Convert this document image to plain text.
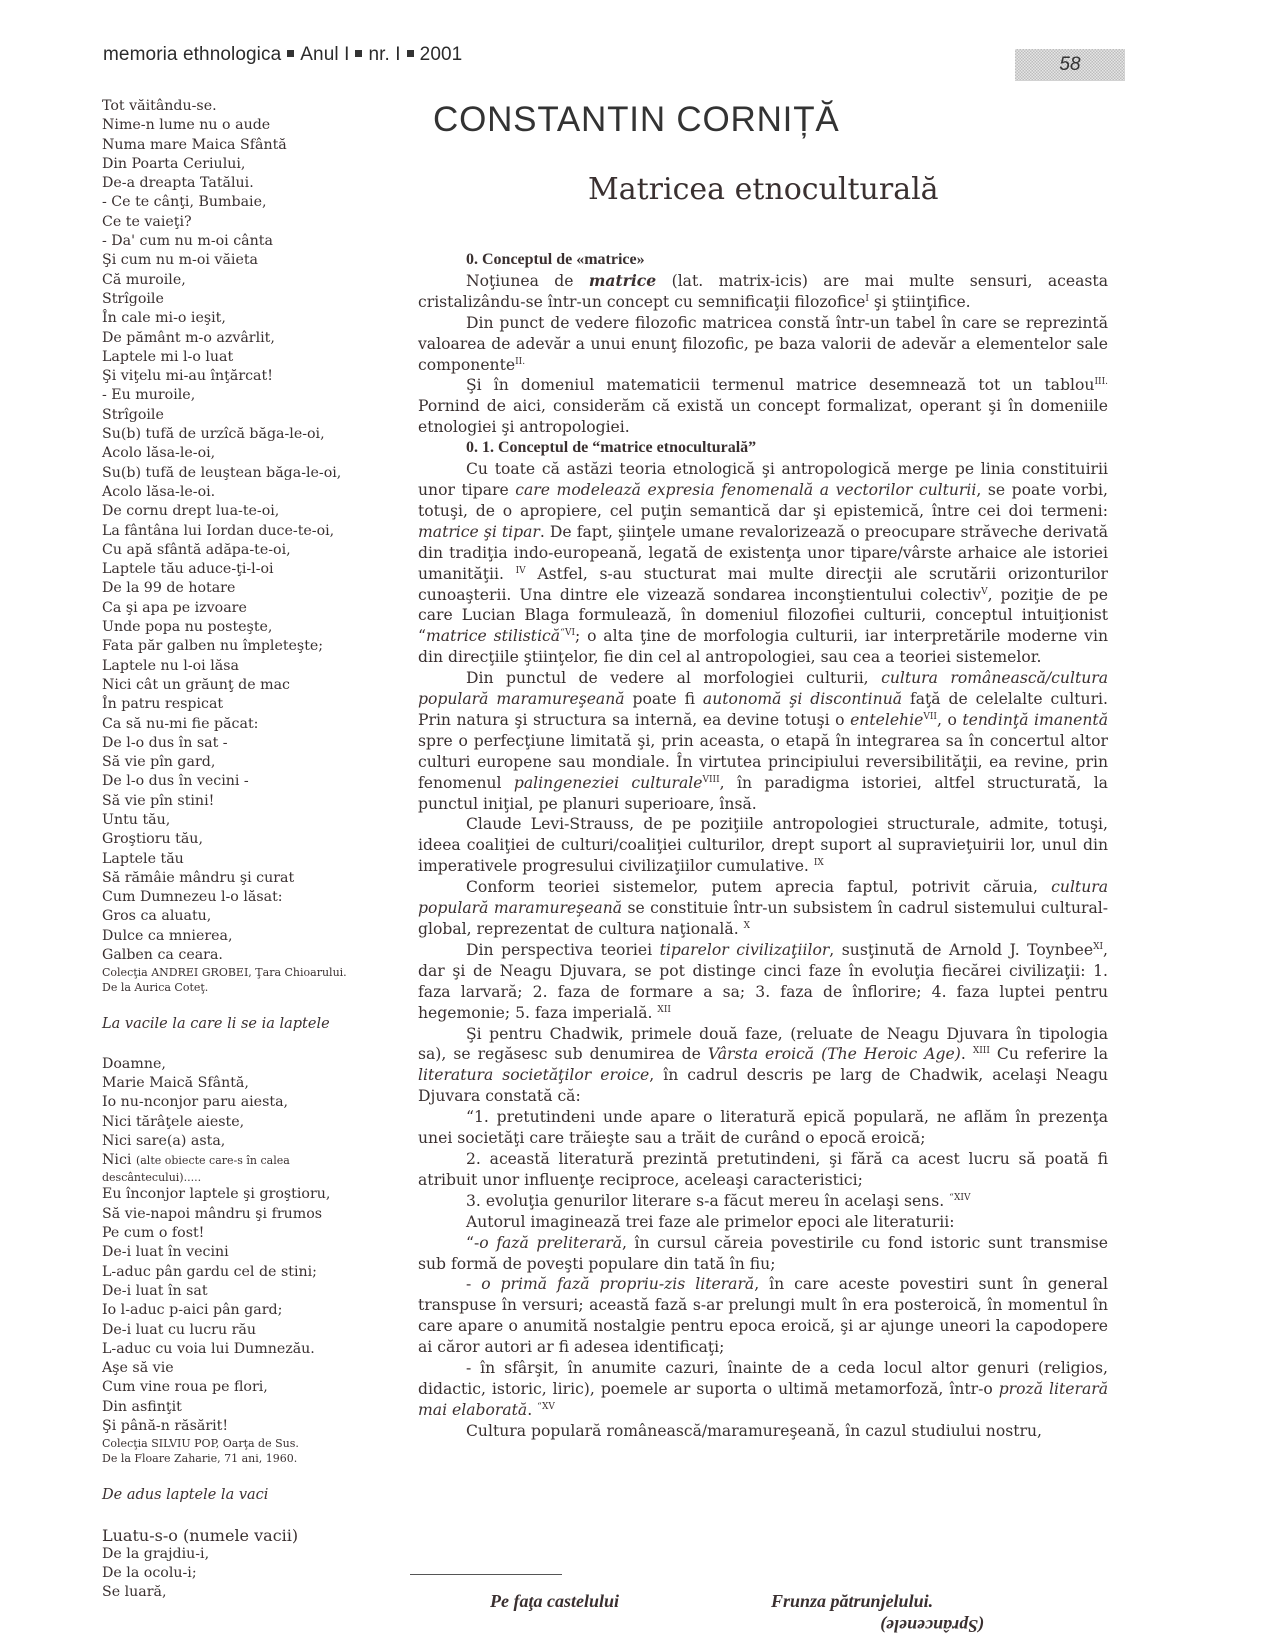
memoria ethnologica Anul I nr. I 2001	58
CONSTANTIN CORNIȚĂ
Matricea etnoculturală
Tot văitându-se.
Nime-n lume nu o aude
Numa mare Maica Sfântă
Din Poarta Ceriului,
De-a dreapta Tatălui.
- Ce te cânţi, Bumbaie,
Ce te vaieţi?
- Da' cum nu m-oi cânta
Şi cum nu m-oi văieta
Că muroile,
Strîgoile
În cale mi-o ieşit,
De pământ m-o azvârlit,
Laptele mi l-o luat
Şi viţelu mi-au înţărcat!
- Eu muroile,
Strîgoile
Su(b) tufă de urzîcă băga-le-oi,
Acolo lăsa-le-oi,
Su(b) tufă de leuştean băga-le-oi,
Acolo lăsa-le-oi.
De cornu drept lua-te-oi,
La fântâna lui Iordan duce-te-oi,
Cu apă sfântă adăpa-te-oi,
Laptele tău aduce-ţi-l-oi
De la 99 de hotare
Ca şi apa pe izvoare
Unde popa nu posteşte,
Fata păr galben nu împleteşte;
Laptele nu l-oi lăsa
Nici cât un grăunţ de mac
În patru respicat
Ca să nu-mi fie păcat:
De l-o dus în sat -
Să vie pîn gard,
De l-o dus în vecini -
Să vie pîn stini!
Untu tău,
Groştioru tău,
Laptele tău
Să rămâie mândru şi curat
Cum Dumnezeu l-o lăsat:
Gros ca aluatu,
Dulce ca mnierea,
Galben ca ceara.
Colecţia ANDREI GROBEI, Ţara Chioarului.
De la Aurica Coteţ.
La vacile la care li se ia laptele
Doamne,
Marie Maică Sfântă,
Io nu-nconjor paru aiesta,
Nici tărâţele aieste,
Nici sare(a) asta,
Nici (alte obiecte care-s în calea
descântecului).....
Eu înconjor laptele şi groştioru,
Să vie-napoi mândru şi frumos
Pe cum o fost!
De-i luat în vecini
L-aduc pân gardu cel de stini;
De-i luat în sat
Io l-aduc p-aici pân gard;
De-i luat cu lucru rău
L-aduc cu voia lui Dumnezău.
Aşe să vie
Cum vine roua pe flori,
Din asfinţit
Şi până-n răsărit!
Colecţia SILVIU POP, Oarţa de Sus.
De la Floare Zaharie, 71 ani, 1960.
De adus laptele la vaci
Luatu-s-o (numele vacii)
De la grajdiu-i,
De la ocolu-i;
Se luară,

0. Conceptul de «matrice»

Noţiunea de matrice (lat. matrix-icis) are mai multe sensuri, aceasta cristalizându-se într-un concept cu semnificaţii filozofice$^I$ şi ştiinţifice.

Din punct de vedere filozofic matricea constă într-un tabel în care se reprezintă valoarea de adevăr a unui enunţ filozofic, pe baza valorii de adevăr a elementelor sale componente$^{II.}$

Şi în domeniul matematicii termenul matrice desemnează tot un tablou$^{III.}$ Pornind de aici, considerăm că există un concept formalizat, operant şi în domeniile etnologiei şi antropologiei.

0. 1. Conceptul de “matrice etnoculturală”

Cu toate că astăzi teoria etnologică şi antropologică merge pe linia constituirii unor tipare care modelează expresia fenomenală a vectorilor culturii, se poate vorbi, totuşi, de o apropiere, cel puţin semantică dar şi epistemică, între cei doi termeni: matrice şi tipar. De fapt, şiinţele umane revalorizează o preocupare străveche derivată din tradiţia indo-europeană, legată de existenţa unor tipare/vârste arhaice ale istoriei umanităţii. $^{IV}$ Astfel, s-au stucturat mai multe direcţii ale scrutării orizonturilor cunoaşterii. Una dintre ele vizează sondarea inconştientului colectiv$^V$, poziţie de pe care Lucian Blaga formulează, în domeniul filozofiei culturii, conceptul intuiţionist “matrice stilistică$^{“VI}$; o alta ţine de morfologia culturii, iar interpretările moderne vin din direcţiile ştiinţelor, fie din cel al antropologiei, sau cea a teoriei sistemelor.

Din punctul de vedere al morfologiei culturii, cultura românească/cultura populară maramureşeană poate fi autonomă şi discontinuă faţă de celelalte culturi. Prin natura şi structura sa internă, ea devine totuşi o entelehie$^{VII}$, o tendinţă imanentă spre o perfecţiune limitată şi, prin aceasta, o etapă în integrarea sa în concertul altor culturi europene sau mondiale. În virtutea principiului reversibilităţii, ea revine, prin fenomenul palingeneziei culturale$^{VIII}$, în paradigma istoriei, altfel structurată, la punctul iniţial, pe planuri superioare, însă.

Claude Levi-Strauss, de pe poziţiile antropologiei structurale, admite, totuşi, ideea coaliţiei de culturi/coaliţiei culturilor, drept suport al supravieţuirii lor, unul din imperativele progresului civilizaţiilor cumulative. $^{IX}$

Conform teoriei sistemelor, putem aprecia faptul, potrivit căruia, cultura populară maramureşeană se constituie într-un subsistem în cadrul sistemului cultural-global, reprezentat de cultura naţională. $^X$

Din perspectiva teoriei tiparelor civilizaţiilor, susţinută de Arnold J. Toynbee$^{XI}$, dar şi de Neagu Djuvara, se pot distinge cinci faze în evoluţia fiecărei civilizaţii: 1. faza larvară; 2. faza de formare a sa; 3. faza de înflorire; 4. faza luptei pentru hegemonie; 5. faza imperială. $^{XII}$

Şi pentru Chadwik, primele două faze, (reluate de Neagu Djuvara în tipologia sa), se regăsesc sub denumirea de Vârsta eroică (The Heroic Age). $^{XIII}$ Cu referire la literatura societăţilor eroice, în cadrul descris pe larg de Chadwik, acelaşi Neagu Djuvara constată că:

“1. pretutindeni unde apare o literatură epică populară, ne aflăm în prezenţa unei societăţi care trăieşte sau a trăit de curând o epocă eroică;

2. această literatură prezintă pretutindeni, şi fără ca acest lucru să poată fi atribuit unor influenţe reciproce, aceleaşi caracteristici;

3. evoluţia genurilor literare s-a făcut mereu în acelaşi sens. $^{“XIV}$

Autorul imaginează trei faze ale primelor epoci ale literaturii:

“-o fază preliterară, în cursul căreia povestirile cu fond istoric sunt transmise sub formă de poveşti populare din tată în fiu;

- o primă fază propriu-zis literară, în care aceste povestiri sunt în general transpuse în versuri; această fază s-ar prelungi mult în era posteroică, în momentul în care apare o anumită nostalgie pentru epoca eroică, şi ar ajunge uneori la capodopere ai căror autori ar fi adesea identificaţi;

- în sfârşit, în anumite cazuri, înainte de a ceda locul altor genuri (religios, didactic, istoric, liric), poemele ar suporta o ultimă metamorfoză, într-o proză literară mai elaborată. $^{“XV}$

Cultura populară românească/maramureşeană, în cazul studiului nostru,

Pe faţa castelului	Frunza pătrunjelului.
(Sprâncenele)
